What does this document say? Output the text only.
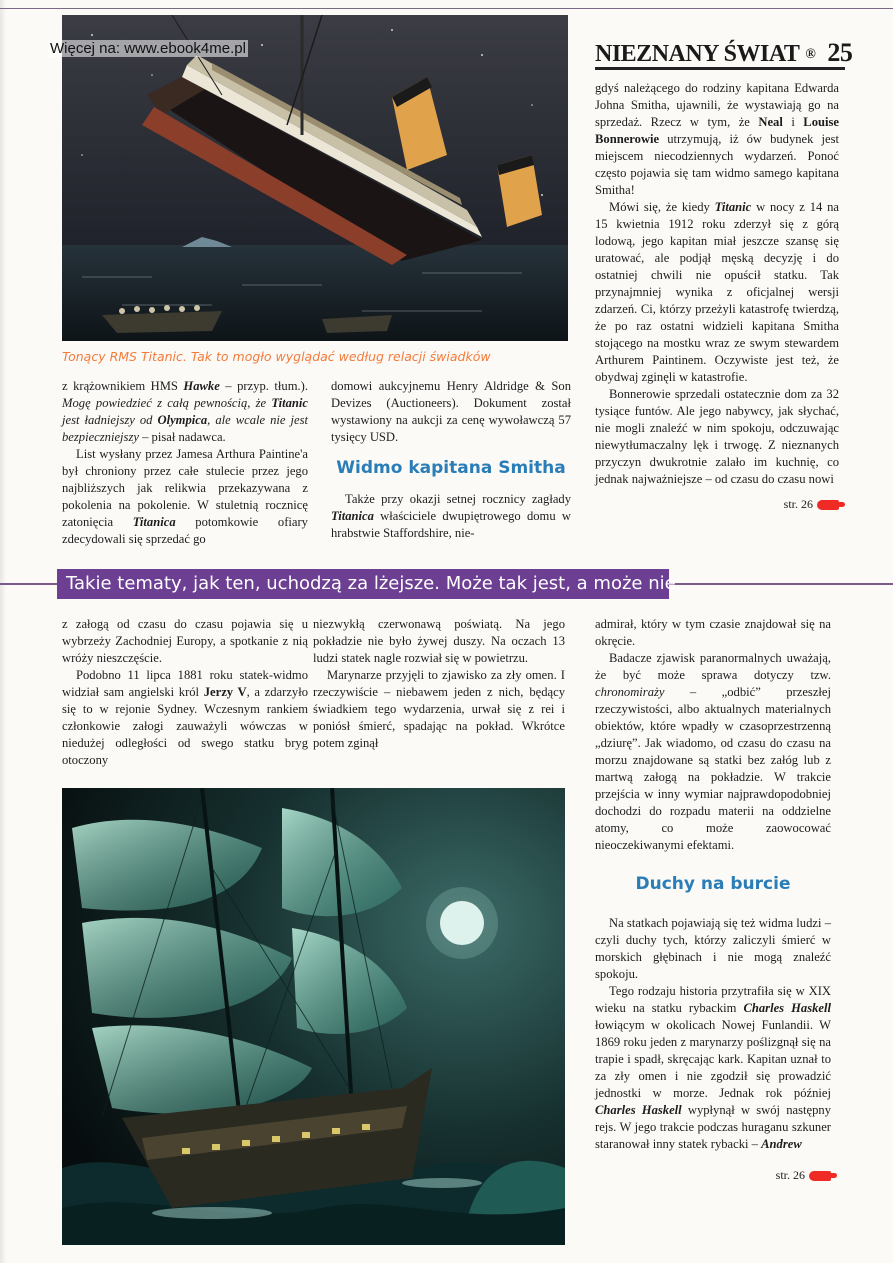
Więcej na: www.ebook4me.pl	NIEZNANY ŚWIAT ® 25
Tonący RMS Titanic. Tak to mogło wyglądać według relacji świadków

gdyś należącego do rodziny kapitana Edwarda Johna Smitha, ujawnili, że wystawiają go na sprzedaż. Rzecz w tym, że Neal i Louise Bonnerowie utrzymują, iż ów budynek jest miejscem niecodziennych wydarzeń. Ponoć często pojawia się tam widmo samego kapitana Smitha!

Mówi się, że kiedy Titanic w nocy z 14 na 15 kwietnia 1912 roku zderzył się z górą lodową, jego kapitan miał jeszcze szansę się uratować, ale podjął męską decyzję i do ostatniej chwili nie opuścił statku. Tak przynajmniej wynika z oficjalnej wersji zdarzeń. Ci, którzy przeżyli katastrofę twierdzą, że po raz ostatni widzieli kapitana Smitha stojącego na mostku wraz ze swym stewardem Arthurem Paintinem. Oczywiste jest też, że obydwaj zginęli w katastrofie.

Bonnerowie sprzedali ostatecznie dom za 32 tysiące funtów. Ale jego nabywcy, jak słychać, nie mogli znaleźć w nim spokoju, odczuwając niewytłumaczalny lęk i trwogę. Z nieznanych przyczyn dwukrotnie zalało im kuchnię, co jednak najważniejsze – od czasu do czasu nowi

str. 26

z krążownikiem HMS Hawke – przyp. tłum.). Mogę powiedzieć z całą pewnością, że Titanic jest ładniejszy od Olympica, ale wcale nie jest bezpieczniejszy – pisał nadawca.

List wysłany przez Jamesa Arthura Paintine'a był chroniony przez całe stulecie przez jego najbliższych jak relikwia przekazywana z pokolenia na pokolenie. W stuletnią rocznicę zatonięcia Titanica potomkowie ofiary zdecydowali się sprzedać go

domowi aukcyjnemu Henry Aldridge & Son Devizes (Auctioneers). Dokument został wystawiony na aukcji za cenę wywoławczą 57 tysięcy USD.

Widmo kapitana Smitha

Także przy okazji setnej rocznicy zagłady Titanica właściciele dwupiętrowego domu w hrabstwie Staffordshire, nie-

Takie tematy, jak ten, uchodzą za lżejsze. Może tak jest, a może nie.

z załogą od czasu do czasu pojawia się u wybrzeży Zachodniej Europy, a spotkanie z nią wróży nieszczęście.

Podobno 11 lipca 1881 roku statek-widmo widział sam angielski król Jerzy V, a zdarzyło się to w rejonie Sydney. Wczesnym rankiem członkowie załogi zauważyli wówczas w niedużej odległości od swego statku bryg otoczony

niezwykłą czerwonawą poświatą. Na jego pokładzie nie było żywej duszy. Na oczach 13 ludzi statek nagle rozwiał się w powietrzu.

Marynarze przyjęli to zjawisko za zły omen. I rzeczywiście – niebawem jeden z nich, będący świadkiem tego wydarzenia, urwał się z rei i poniósł śmierć, spadając na pokład. Wkrótce potem zginął

admirał, który w tym czasie znajdował się na okręcie.

Badacze zjawisk paranormalnych uważają, że być może sprawa dotyczy tzw. chronomirażу – „odbić” przeszłej rzeczywistości, albo aktualnych materialnych obiektów, które wpadły w czasoprzestrzenną „dziurę”. Jak wiadomo, od czasu do czasu na morzu znajdowane są statki bez załóg lub z martwą załogą na pokładzie. W trakcie przejścia w inny wymiar najprawdopodobniej dochodzi do rozpadu materii na oddzielne atomy, co może zaowocować nieoczekiwanymi efektami.

Duchy na burcie

Na statkach pojawiają się też widma ludzi – czyli duchy tych, którzy zaliczyli śmierć w morskich głębinach i nie mogą znaleźć spokoju.

Tego rodzaju historia przytrafiła się w XIX wieku na statku rybackim Charles Haskell łowiącym w okolicach Nowej Funlandii. W 1869 roku jeden z marynarzy poślizgnął się na trapie i spadł, skręcając kark. Kapitan uznał to za zły omen i nie zgodził się prowadzić jednostki w morze. Jednak rok później Charles Haskell wypłynął w swój następny rejs. W jego trakcie podczas huraganu szkuner staranował inny statek rybacki – Andrew

str. 26
